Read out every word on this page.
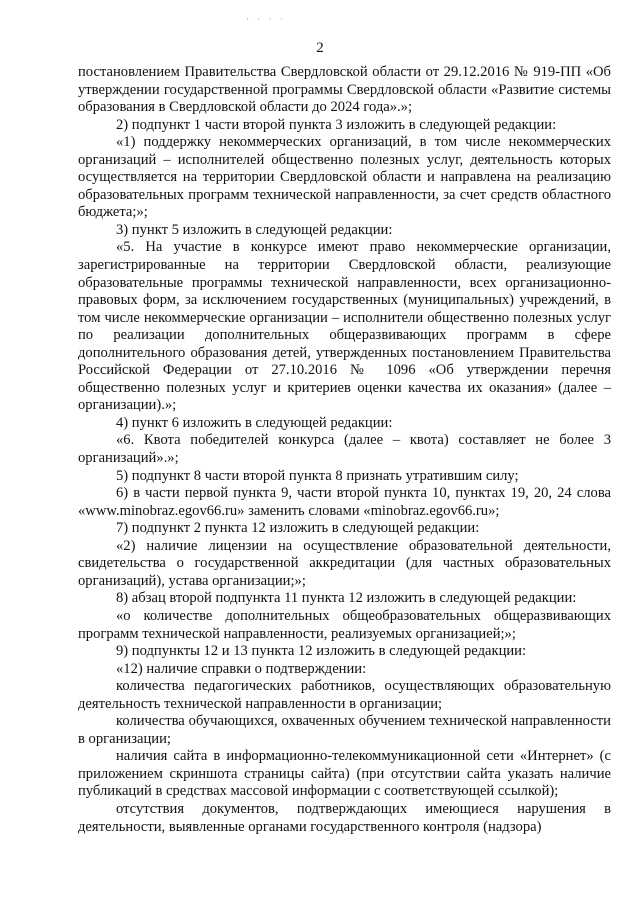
· · · ·
2

постановлением Правительства Свердловской области от 29.12.2016 № 919-ПП «Об утверждении государственной программы Свердловской области «Развитие системы образования в Свердловской области до 2024 года».»;

2) подпункт 1 части второй пункта 3 изложить в следующей редакции:

«1) поддержку некоммерческих организаций, в том числе некоммерческих организаций – исполнителей общественно полезных услуг, деятельность которых осуществляется на территории Свердловской области и направлена на реализацию образовательных программ технической направленности, за счет средств областного бюджета;»;

3) пункт 5 изложить в следующей редакции:

«5. На участие в конкурсе имеют право некоммерческие организации, зарегистрированные на территории Свердловской области, реализующие образовательные программы технической направленности, всех организационно-правовых форм, за исключением государственных (муниципальных) учреждений, в том числе некоммерческие организации – исполнители общественно полезных услуг по реализации дополнительных общеразвивающих программ в сфере дополнительного образования детей, утвержденных постановлением Правительства Российской Федерации от 27.10.2016 № 1096 «Об утверждении перечня общественно полезных услуг и критериев оценки качества их оказания» (далее – организации).»;

4) пункт 6 изложить в следующей редакции:

«6. Квота победителей конкурса (далее – квота) составляет не более 3 организаций».»;

5) подпункт 8 части второй пункта 8 признать утратившим силу;

6) в части первой пункта 9, части второй пункта 10, пунктах 19, 20, 24 слова «www.minobraz.egov66.ru» заменить словами «minobraz.egov66.ru»;

7) подпункт 2 пункта 12 изложить в следующей редакции:

«2) наличие лицензии на осуществление образовательной деятельности, свидетельства о государственной аккредитации (для частных образовательных организаций), устава организации;»;

8) абзац второй подпункта 11 пункта 12 изложить в следующей редакции:

«о количестве дополнительных общеобразовательных общеразвивающих программ технической направленности, реализуемых организацией;»;

9) подпункты 12 и 13 пункта 12 изложить в следующей редакции:

«12) наличие справки о подтверждении:

количества педагогических работников, осуществляющих образовательную деятельность технической направленности в организации;

количества обучающихся, охваченных обучением технической направленности в организации;

наличия сайта в информационно-телекоммуникационной сети «Интернет» (с приложением скриншота страницы сайта) (при отсутствии сайта указать наличие публикаций в средствах массовой информации с соответствующей ссылкой);

отсутствия документов, подтверждающих имеющиеся нарушения в деятельности, выявленные органами государственного контроля (надзора)
